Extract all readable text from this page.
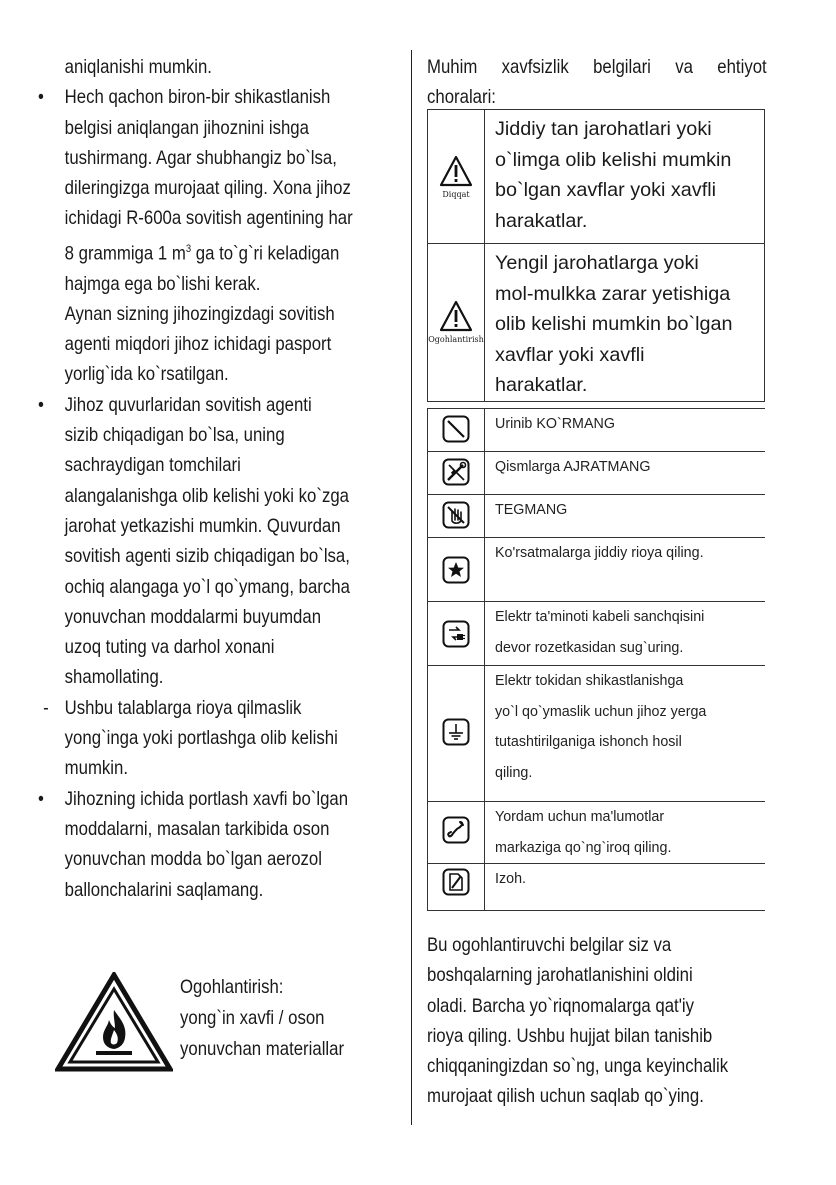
aniqlanishi mumkin.
•	Hech qachon biron-bir shikastlanish
belgisi aniqlangan jihoznini ishga
tushirmang. Agar shubhangiz bo`lsa,
dileringizga murojaat qiling. Xona jihoz
ichidagi R-600a sovitish agentining har
8 grammiga 1 $m^3$ ga to`g`ri keladigan
hajmga ega bo`lishi kerak.
Aynan sizning jihozingizdagi sovitish
agenti miqdori jihoz ichidagi pasport
yorlig`ida ko`rsatilgan.
•	Jihoz quvurlaridan sovitish agenti
sizib chiqadigan bo`lsa, uning
sachraydigan tomchilari
alangalanishga olib kelishi yoki ko`zga
jarohat yetkazishi mumkin. Quvurdan
sovitish agenti sizib chiqadigan bo`lsa,
ochiq alangaga yo`l qo`ymang, barcha
yonuvchan moddalarmi buyumdan
uzoq tuting va darhol xonani
shamollating.
- Ushbu talablarga rioya qilmaslik
yong`inga yoki portlashga olib kelishi
mumkin.
•	Jihozning ichida portlash xavfi bo`lgan
moddalarni, masalan tarkibida oson
yonuvchan modda bo`lgan aerozol
ballonchalarini saqlamang.
Ogohlantirish:
yong`in xavfi / oson
yonuvchan materiallar
Muhim xavfsizlik belgilari va ehtiyot
choralari:
Diqqat	Jiddiy tan jarohatlari yoki
o`limga olib kelishi mumkin
bo`lgan xavflar yoki xavfli
harakatlar.

Ogohlantirish	Yengil jarohatlarga yoki
mol-mulkka zarar yetishiga
olib kelishi mumkin bo`lgan
xavflar yoki xavfli
harakatlar.

Urinib KO`RMANG

Qismlarga AJRATMANG

TEGMANG

Ko'rsatmalarga jiddiy rioya qiling.

Elektr ta'minoti kabeli sanchqisini
devor rozetkasidan sug`uring.

Elektr tokidan shikastlanishga
yo`l qo`ymaslik uchun jihoz yerga
tutashtirilganiga ishonch hosil
qiling.

Yordam uchun ma'lumotlar
markaziga qo`ng`iroq qiling.

Izoh.
Bu ogohlantiruvchi belgilar siz va
boshqalarning jarohatlanishini oldini
oladi. Barcha yo`riqnomalarga qat'iy
rioya qiling. Ushbu hujjat bilan tanishib
chiqqaningizdan so`ng, unga keyinchalik
murojaat qilish uchun saqlab qo`ying.
